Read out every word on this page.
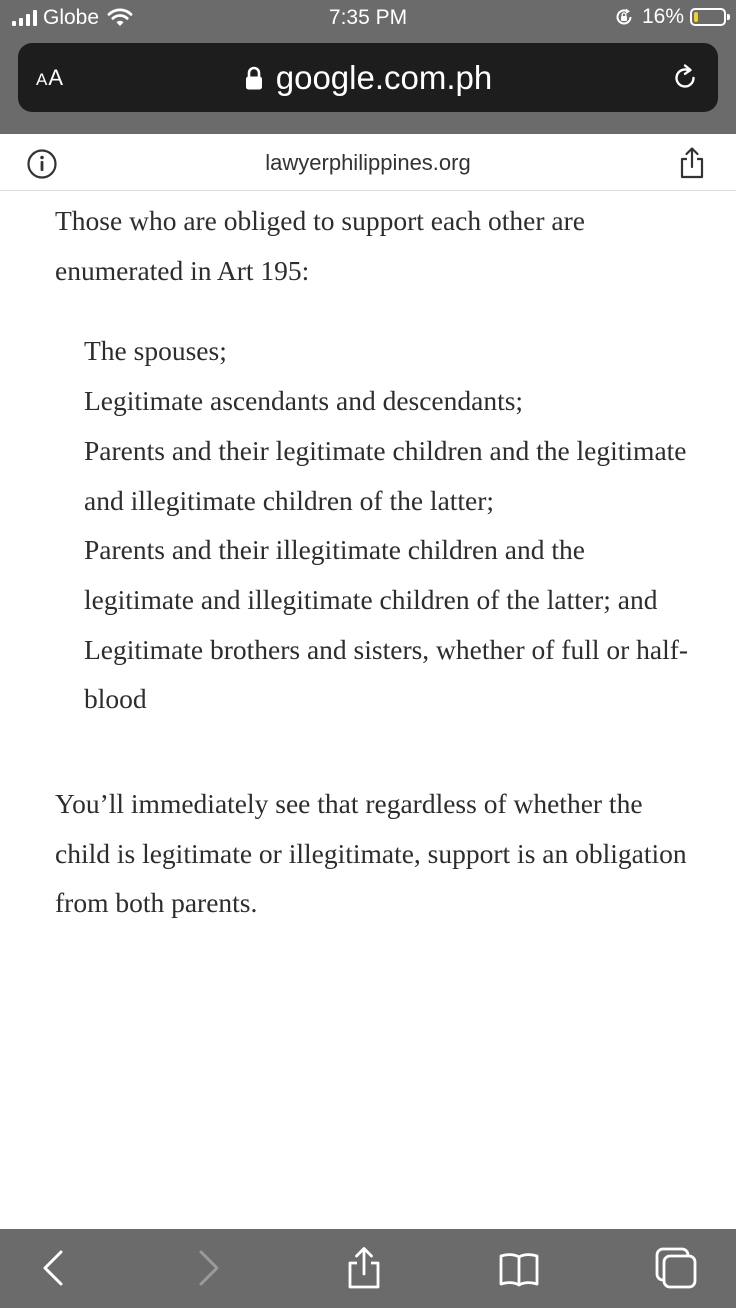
Globe	7:35 PM	16%
AA	google.com.ph
lawyerphilippines.org

Those who are obliged to support each other are enumerated in Art 195:

The spouses;

Legitimate ascendants and descendants;

Parents and their legitimate children and the legitimate and illegitimate children of the latter;

Parents and their illegitimate children and the legitimate and illegitimate children of the latter; and

Legitimate brothers and sisters, whether of full or half-blood

You’ll immediately see that regardless of whether the child is legitimate or illegitimate, support is an obligation from both parents.
